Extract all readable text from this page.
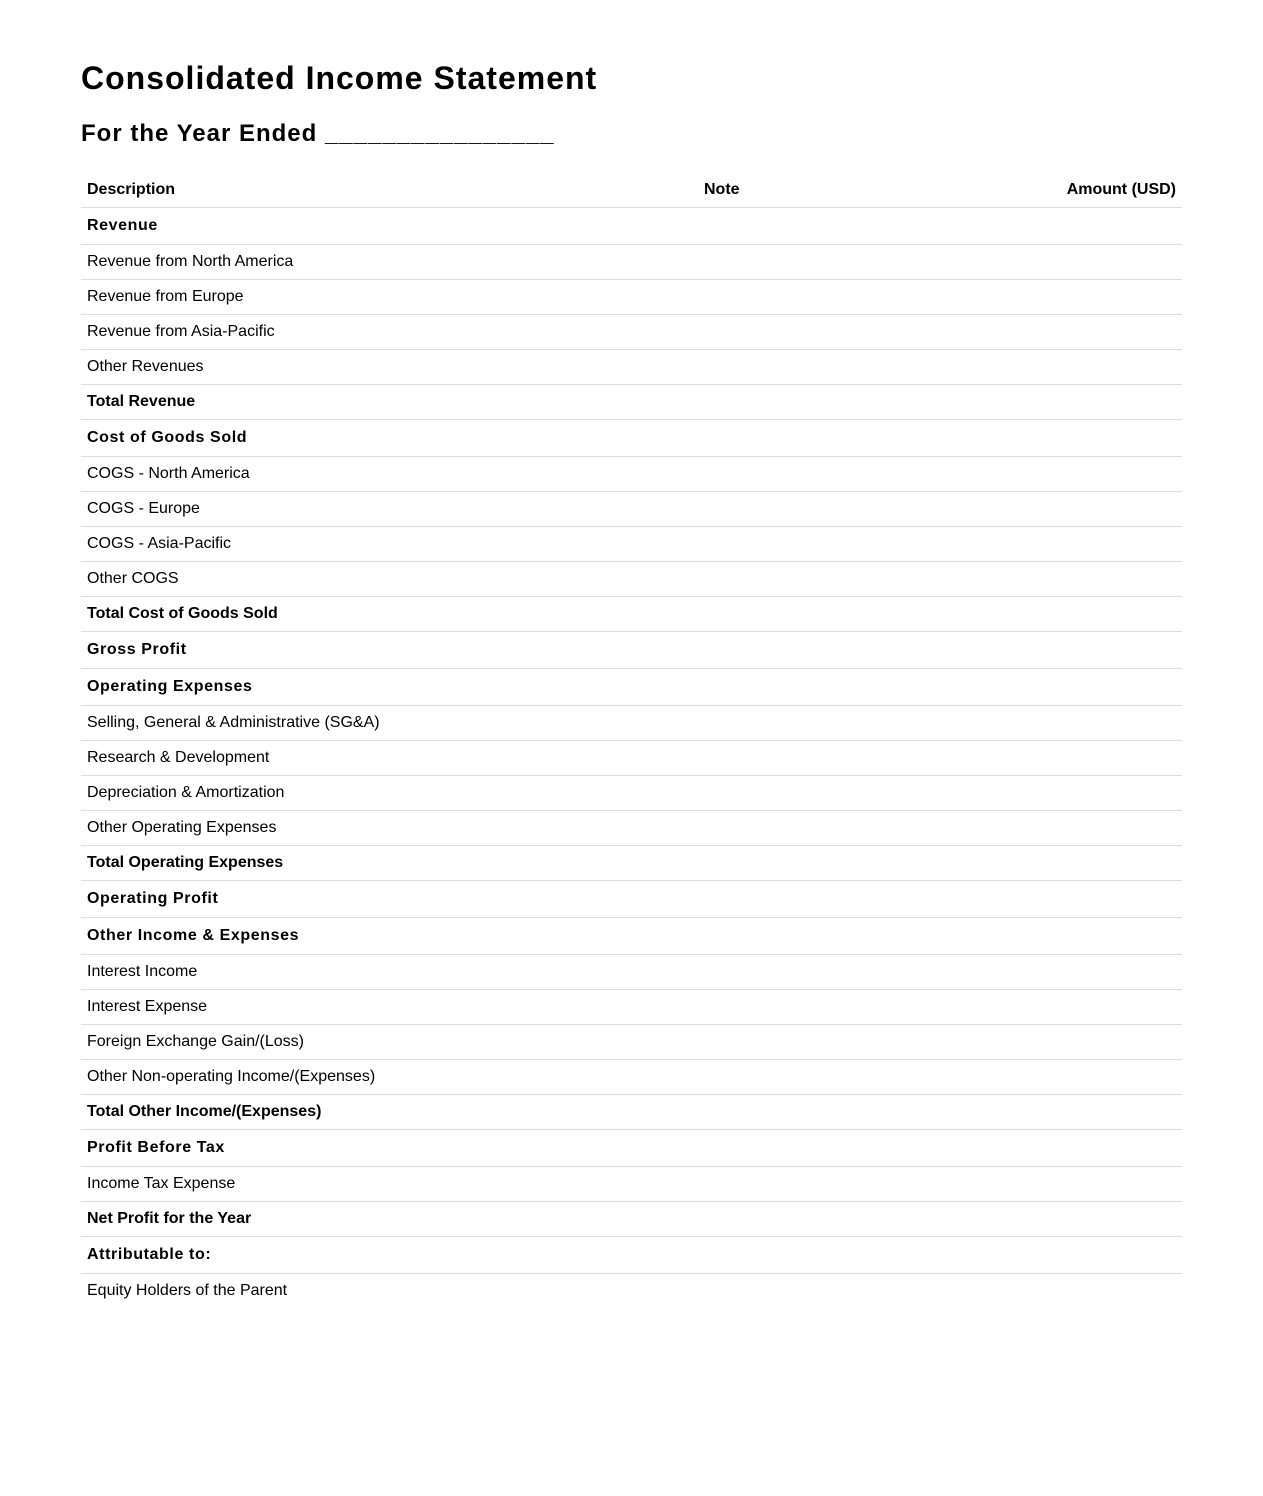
Consolidated Income Statement
For the Year Ended ________________
Description	Note	Amount (USD)
Revenue		
Revenue from North America		
Revenue from Europe		
Revenue from Asia-Pacific		
Other Revenues		
Total Revenue		
Cost of Goods Sold		
COGS - North America		
COGS - Europe		
COGS - Asia-Pacific		
Other COGS		
Total Cost of Goods Sold		
Gross Profit		
Operating Expenses		
Selling, General & Administrative (SG&A)		
Research & Development		
Depreciation & Amortization		
Other Operating Expenses		
Total Operating Expenses		
Operating Profit		
Other Income & Expenses		
Interest Income		
Interest Expense		
Foreign Exchange Gain/(Loss)		
Other Non-operating Income/(Expenses)		
Total Other Income/(Expenses)		
Profit Before Tax		
Income Tax Expense		
Net Profit for the Year		
Attributable to:		
Equity Holders of the Parent		
